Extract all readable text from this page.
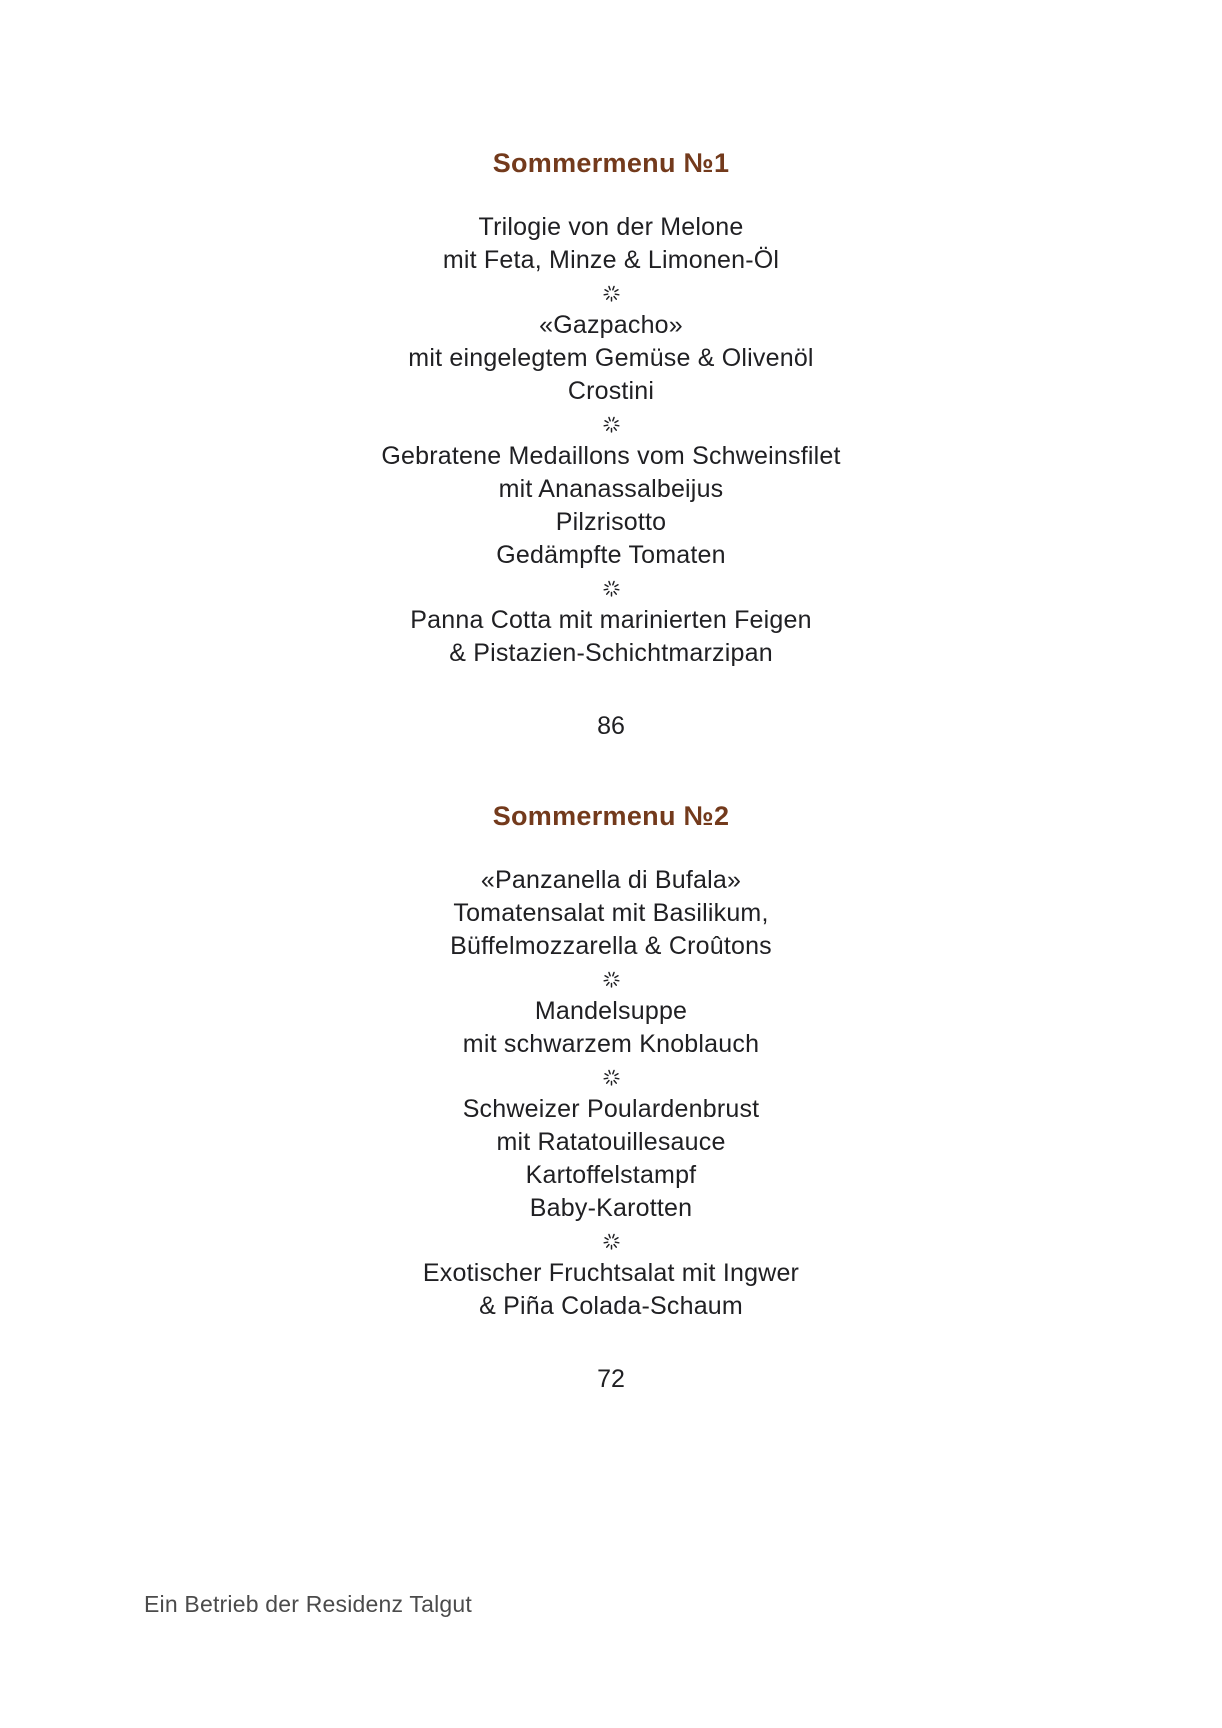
Sommermenu №1

Trilogie von der Melone

mit Feta, Minze & Limonen-Öl

«Gazpacho»

mit eingelegtem Gemüse & Olivenöl

Crostini

Gebratene Medaillons vom Schweinsfilet

mit Ananassalbeijus

Pilzrisotto

Gedämpfte Tomaten

Panna Cotta mit marinierten Feigen

& Pistazien-Schichtmarzipan

86
Sommermenu №2

«Panzanella di Bufala»

Tomatensalat mit Basilikum,

Büffelmozzarella & Croûtons

Mandelsuppe

mit schwarzem Knoblauch

Schweizer Poulardenbrust

mit Ratatouillesauce

Kartoffelstampf

Baby-Karotten

Exotischer Fruchtsalat mit Ingwer

& Piña Colada-Schaum

72
Ein Betrieb der Residenz Talgut
